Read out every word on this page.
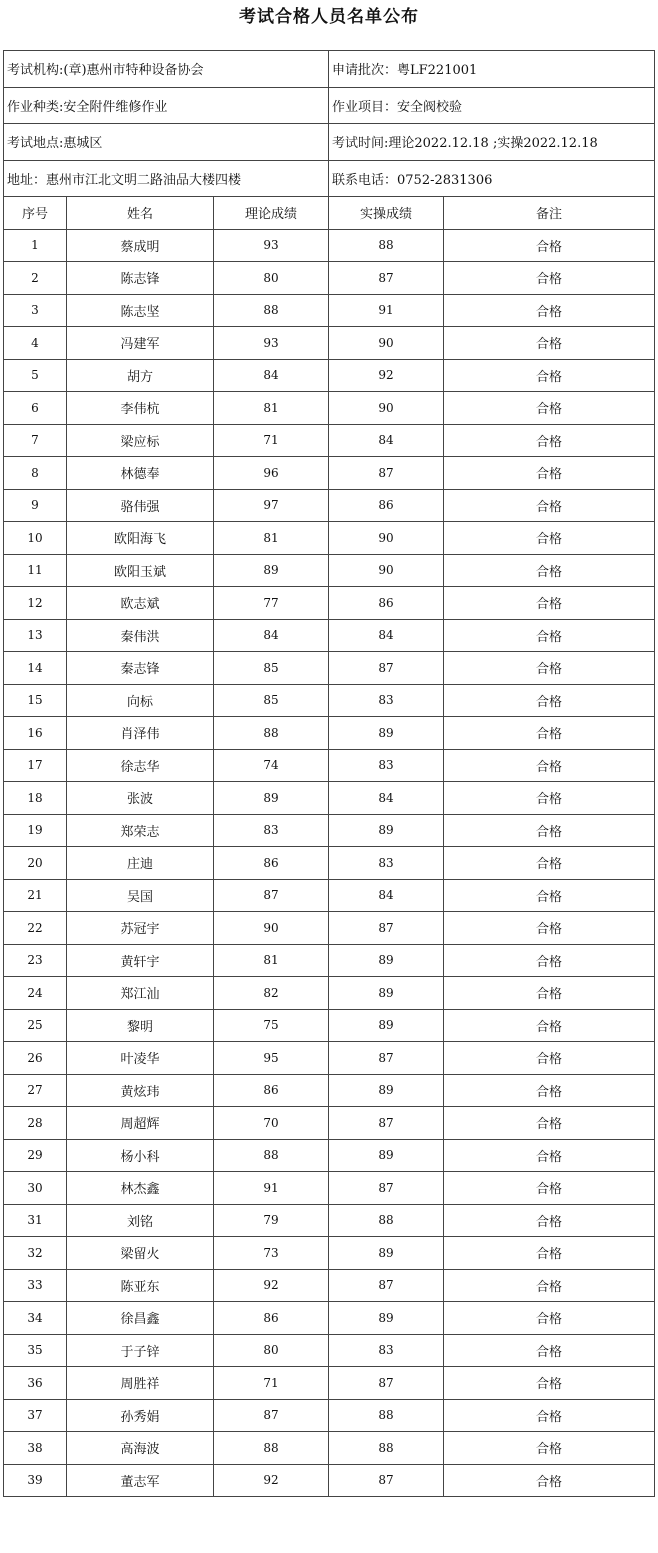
考试合格人员名单公布
考试机构:(章)惠州市特种设备协会			申请批次：粤LF221001	
作业种类:安全附件维修作业			作业项目：安全阀校验	
考试地点:惠城区			考试时间:理论2022.12.18 ;实操2022.12.18	
地址：惠州市江北文明二路油品大楼四楼			联系电话：0752-2831306	
序号	姓名	理论成绩	实操成绩	备注
1	蔡成明	93	88	合格
2	陈志锋	80	87	合格
3	陈志坚	88	91	合格
4	冯建军	93	90	合格
5	胡方	84	92	合格
6	李伟杭	81	90	合格
7	梁应标	71	84	合格
8	林德奉	96	87	合格
9	骆伟强	97	86	合格
10	欧阳海飞	81	90	合格
11	欧阳玉斌	89	90	合格
12	欧志斌	77	86	合格
13	秦伟洪	84	84	合格
14	秦志锋	85	87	合格
15	向标	85	83	合格
16	肖泽伟	88	89	合格
17	徐志华	74	83	合格
18	张波	89	84	合格
19	郑荣志	83	89	合格
20	庄迪	86	83	合格
21	吴国	87	84	合格
22	苏冠宇	90	87	合格
23	黄轩宇	81	89	合格
24	郑江汕	82	89	合格
25	黎明	75	89	合格
26	叶凌华	95	87	合格
27	黄炫玮	86	89	合格
28	周超辉	70	87	合格
29	杨小科	88	89	合格
30	林杰鑫	91	87	合格
31	刘铭	79	88	合格
32	梁留火	73	89	合格
33	陈亚东	92	87	合格
34	徐昌鑫	86	89	合格
35	于子锌	80	83	合格
36	周胜祥	71	87	合格
37	孙秀娟	87	88	合格
38	高海波	88	88	合格
39	董志军	92	87	合格
